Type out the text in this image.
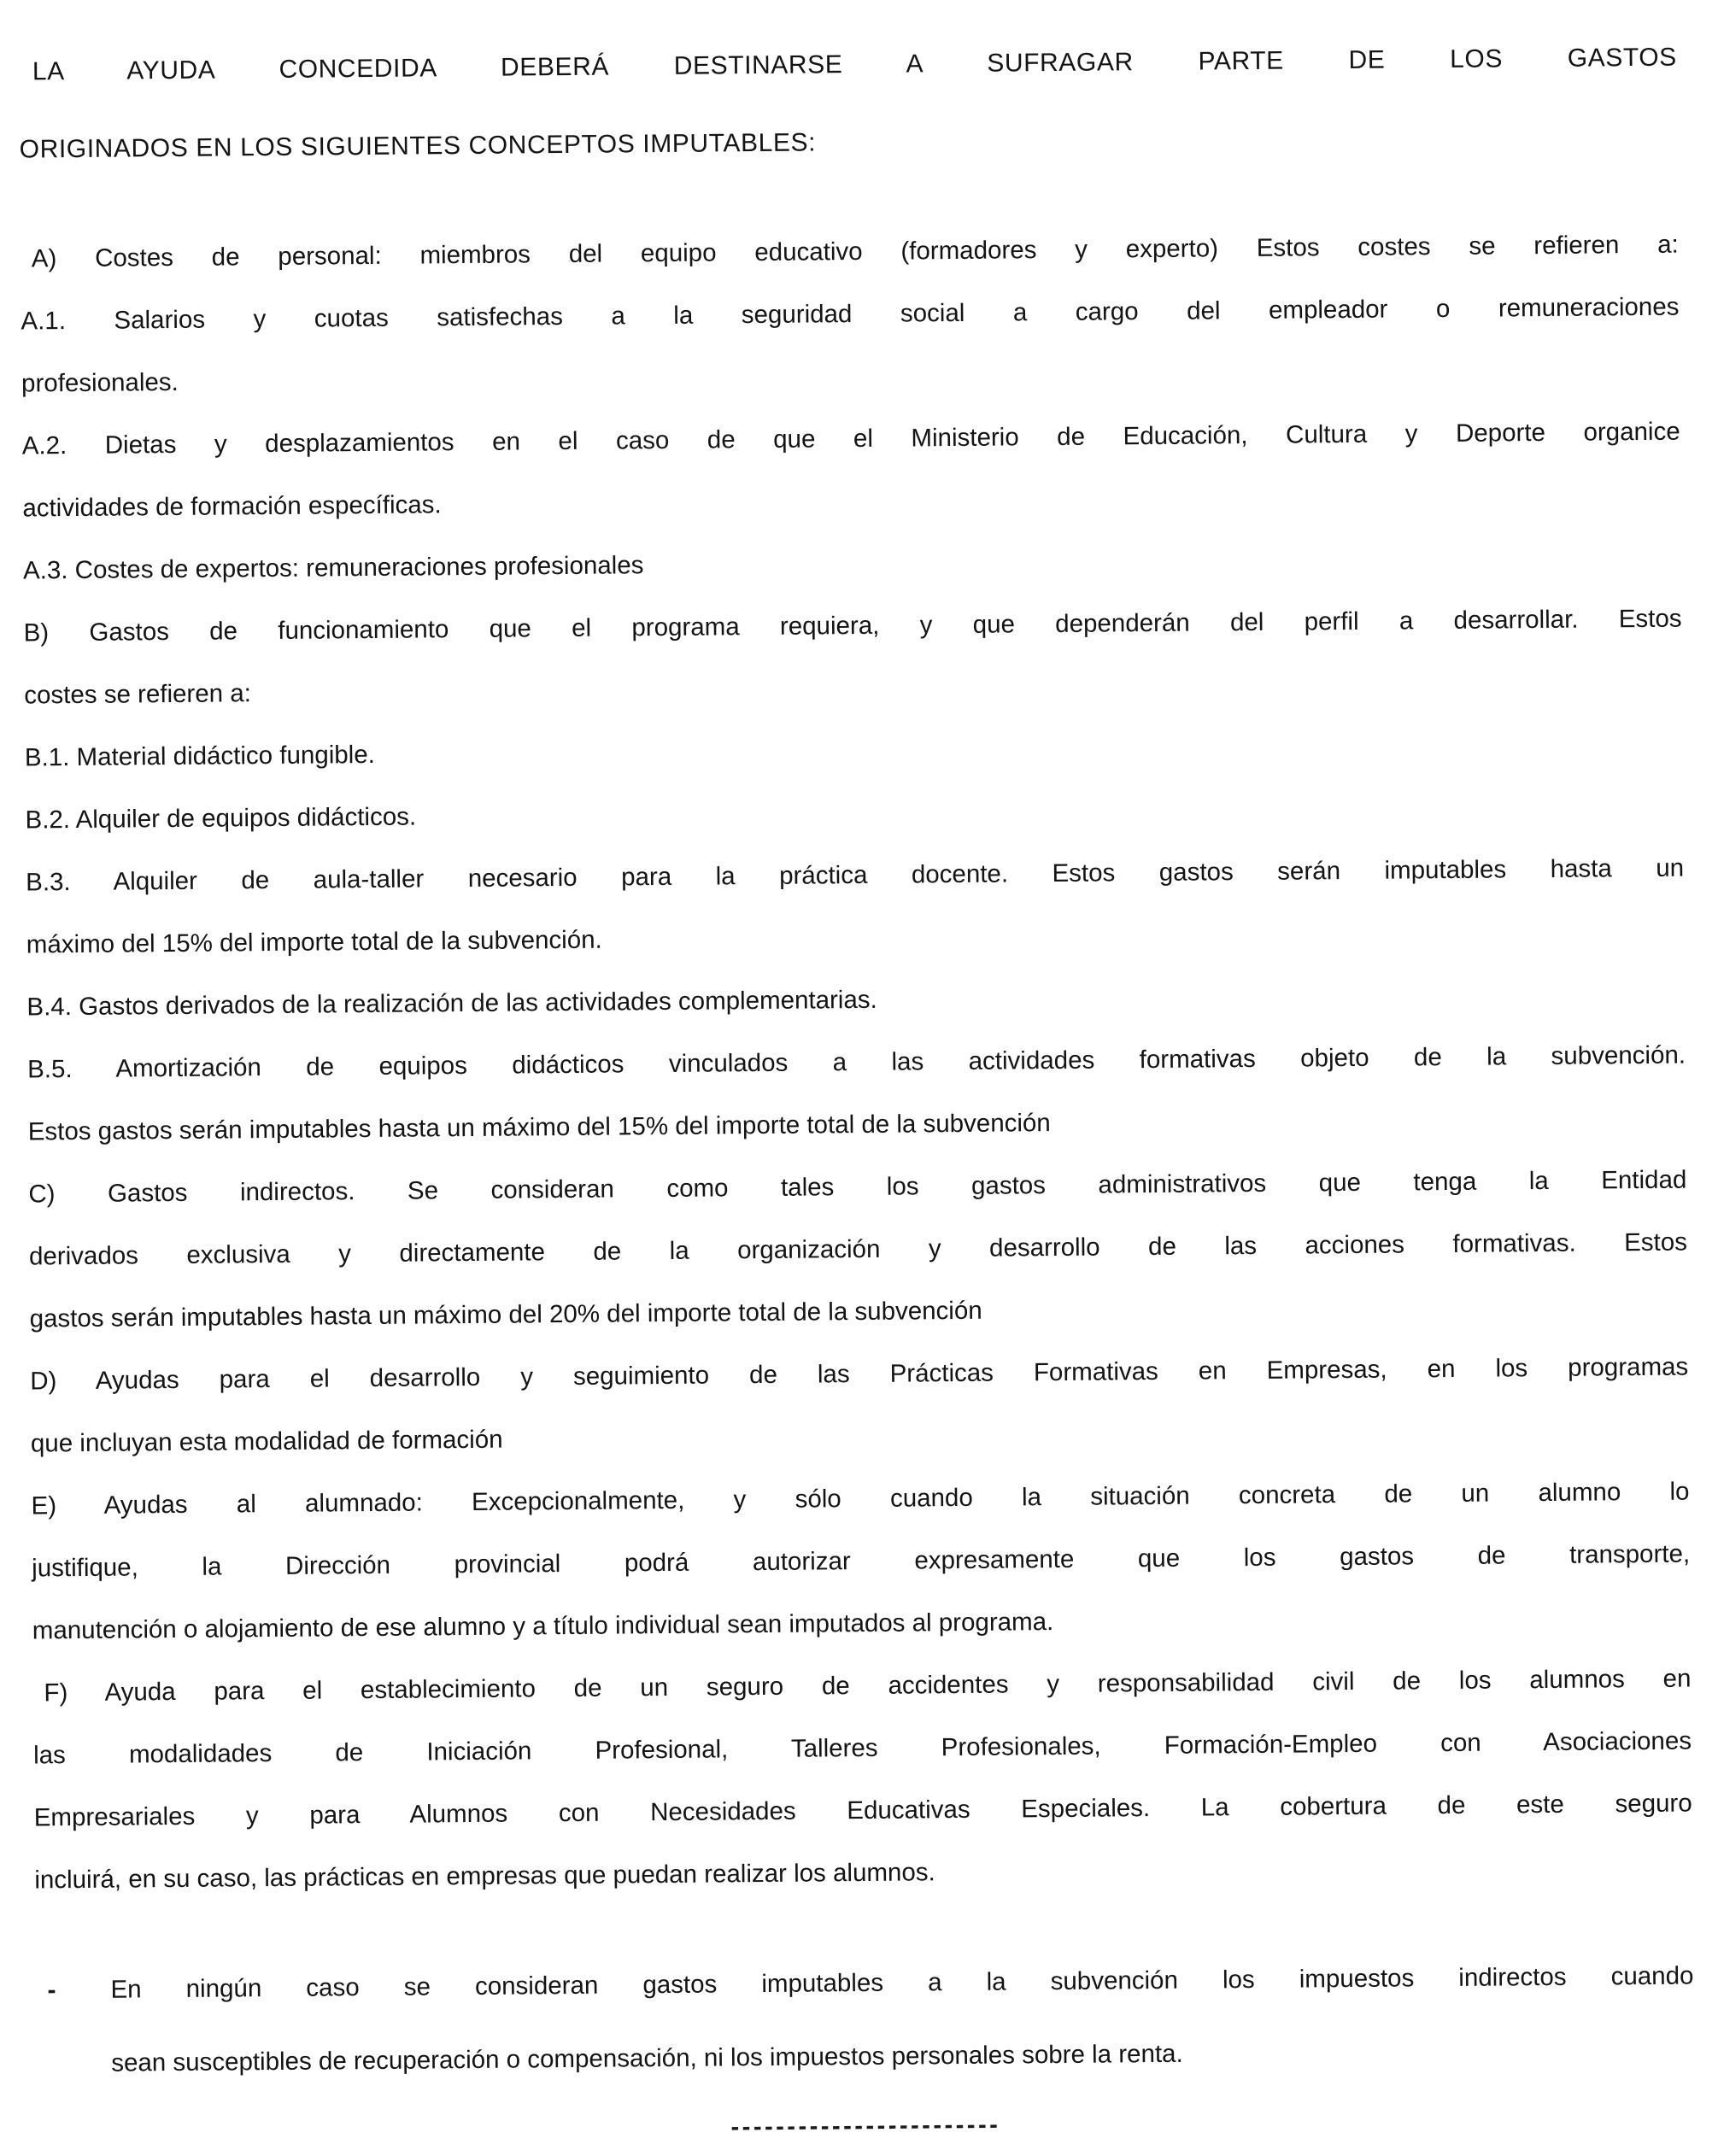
LA AYUDA CONCEDIDA DEBERÁ DESTINARSE A SUFRAGAR PARTE DE LOS GASTOS
ORIGINADOS EN LOS SIGUIENTES CONCEPTOS IMPUTABLES:
A) Costes de personal: miembros del equipo educativo (formadores y experto) Estos costes se refieren a:
A.1. Salarios y cuotas satisfechas a la seguridad social a cargo del empleador o remuneraciones
profesionales.
A.2. Dietas y desplazamientos en el caso de que el Ministerio de Educación, Cultura y Deporte organice
actividades de formación específicas.
A.3. Costes de expertos: remuneraciones profesionales
B) Gastos de funcionamiento que el programa requiera, y que dependerán del perfil a desarrollar. Estos
costes se refieren a:
B.1. Material didáctico fungible.
B.2. Alquiler de equipos didácticos.
B.3. Alquiler de aula-taller necesario para la práctica docente. Estos gastos serán imputables hasta un
máximo del 15% del importe total de la subvención.
B.4. Gastos derivados de la realización de las actividades complementarias.
B.5. Amortización de equipos didácticos vinculados a las actividades formativas objeto de la subvención.
Estos gastos serán imputables hasta un máximo del 15% del importe total de la subvención
C) Gastos indirectos. Se consideran como tales los gastos administrativos que tenga la Entidad
derivados exclusiva y directamente de la organización y desarrollo de las acciones formativas. Estos
gastos serán imputables hasta un máximo del 20% del importe total de la subvención
D) Ayudas para el desarrollo y seguimiento de las Prácticas Formativas en Empresas, en los programas
que incluyan esta modalidad de formación
E) Ayudas al alumnado: Excepcionalmente, y sólo cuando la situación concreta de un alumno lo
justifique, la Dirección provincial podrá autorizar expresamente que los gastos de transporte,
manutención o alojamiento de ese alumno y a título individual sean imputados al programa.
F) Ayuda para el establecimiento de un seguro de accidentes y responsabilidad civil de los alumnos en
las modalidades de Iniciación Profesional, Talleres Profesionales, Formación-Empleo con Asociaciones
Empresariales y para Alumnos con Necesidades Educativas Especiales. La cobertura de este seguro
incluirá, en su caso, las prácticas en empresas que puedan realizar los alumnos.
-	En ningún caso se consideran gastos imputables a la subvención los impuestos indirectos cuando
sean susceptibles de recuperación o compensación, ni los impuestos personales sobre la renta.
------------------------
